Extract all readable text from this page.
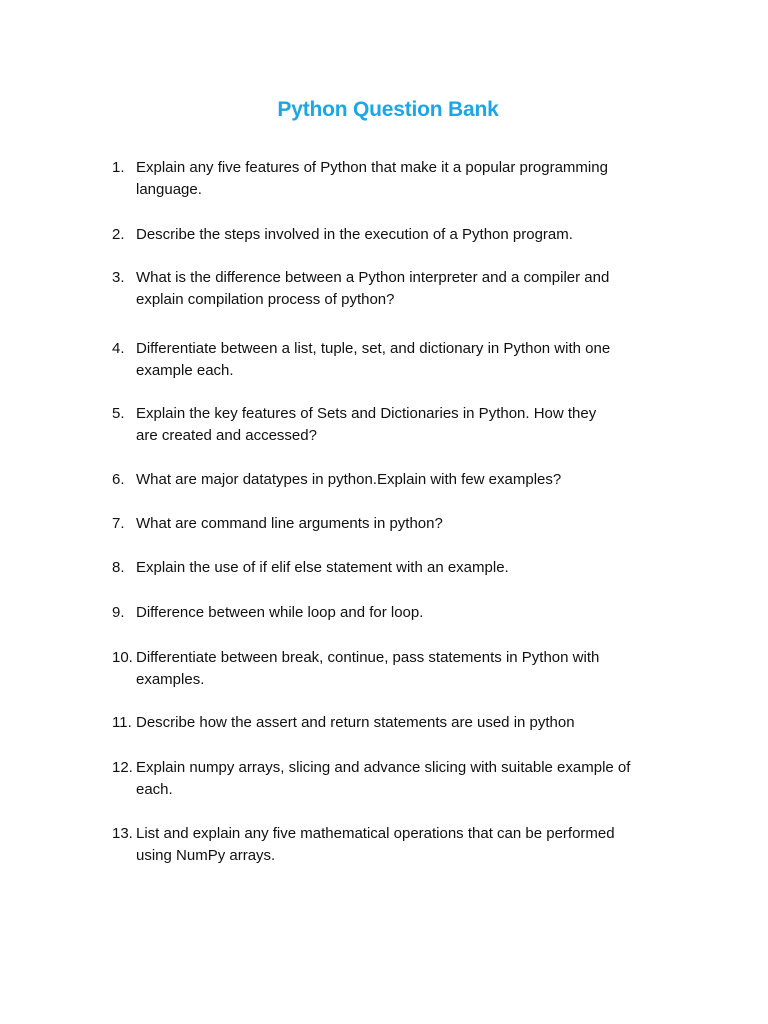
Python Question Bank
1. Explain any five features of Python that make it a popular programming
language.
2. Describe the steps involved in the execution of a Python program.
3. What is the difference between a Python interpreter and a compiler and
explain compilation process of python?
4. Differentiate between a list, tuple, set, and dictionary in Python with one
example each.
5. Explain the key features of Sets and Dictionaries in Python. How they
are created and accessed?
6. What are major datatypes in python.Explain with few examples?
7. What are command line arguments in python?
8. Explain the use of if elif else statement with an example.
9. Difference between while loop and for loop.
10. Differentiate between break, continue, pass statements in Python with
examples.
11. Describe how the assert and return statements are used in python
12. Explain numpy arrays, slicing and advance slicing with suitable example of
each.
13. List and explain any five mathematical operations that can be performed
using NumPy arrays.
